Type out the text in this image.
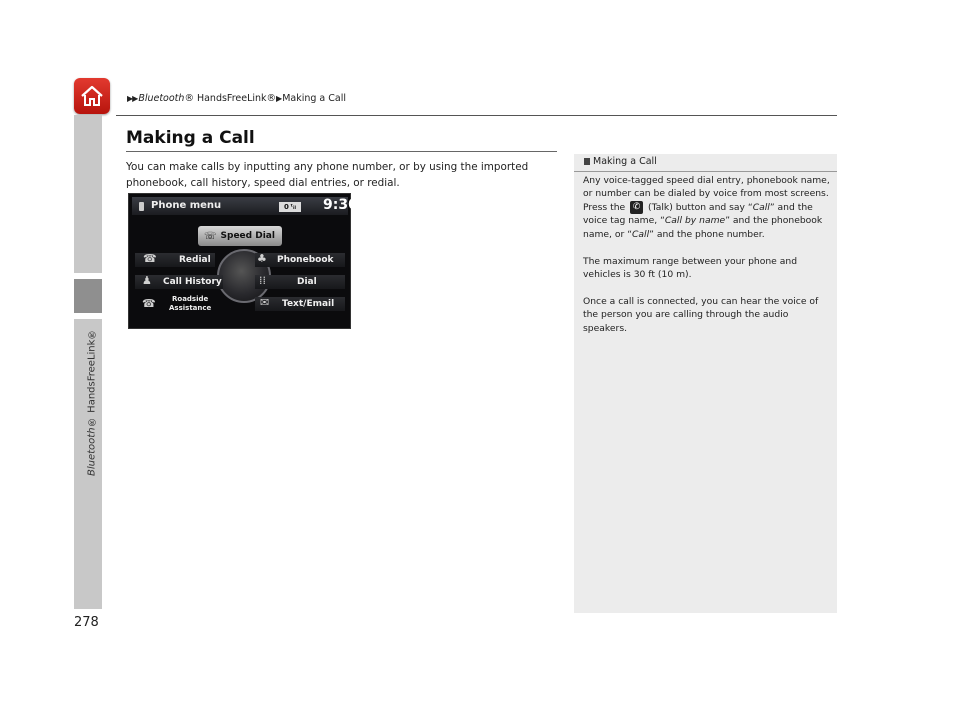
Bluetooth
® HandsFreeLink®
▶▶ Bluetooth ® HandsFreeLink® ▶ Making a Call
Making a Call
You can make calls by inputting any phone number, or by using the imported phonebook, call history, speed dial entries, or redial.
Phone menu	0 ᵗᵢₗ	9:30
☏ Speed Dial
☎ Redial	♣ Phonebook
♟ Call History	⁞⁞	Dial
☎	Roadside
Assistance	✉ Text/Email
Making a Call
Any voice-tagged speed dial entry, phonebook name, or number can be dialed by voice from most screens. Press the ✆ (Talk) button and say “Call” and the voice tag name, “Call by name” and the phonebook name, or “Call” and the phone number.
The maximum range between your phone and vehicles is 30 ft (10 m).
Once a call is connected, you can hear the voice of the person you are calling through the audio speakers.
278
